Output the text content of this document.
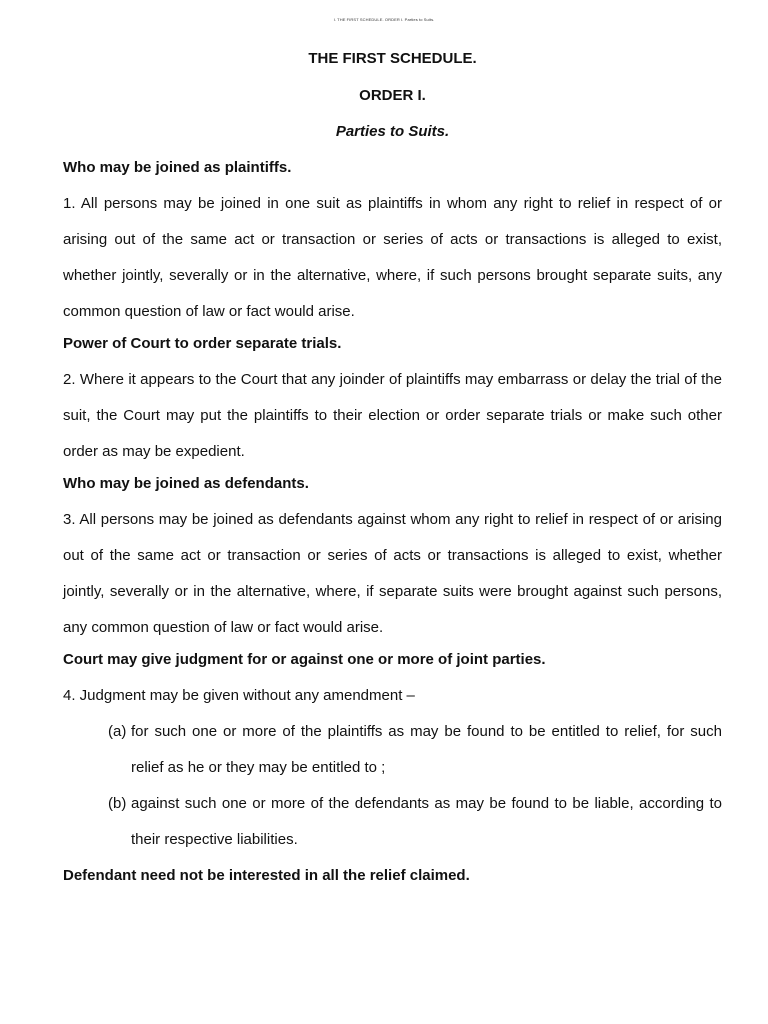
I. THE FIRST SCHEDULE. ORDER I. Parties to Suits.

THE FIRST SCHEDULE.

ORDER I.

Parties to Suits.

Who may be joined as plaintiffs.

1. All persons may be joined in one suit as plaintiffs in whom any right to relief in respect of or arising out of the same act or transaction or series of acts or transactions is alleged to exist, whether jointly, severally or in the alternative, where, if such persons brought separate suits, any common question of law or fact would arise.

Power of Court to order separate trials.

2. Where it appears to the Court that any joinder of plaintiffs may embarrass or delay the trial of the suit, the Court may put the plaintiffs to their election or order separate trials or make such other order as may be expedient.

Who may be joined as defendants.

3. All persons may be joined as defendants against whom any right to relief in respect of or arising out of the same act or transaction or series of acts or transactions is alleged to exist, whether jointly, severally or in the alternative, where, if separate suits were brought against such persons, any common question of law or fact would arise.

Court may give judgment for or against one or more of joint parties.

4. Judgment may be given without any amendment –

(a) for such one or more of the plaintiffs as may be found to be entitled to relief, for such relief as he or they may be entitled to ;
(b) against such one or more of the defendants as may be found to be liable, according to their respective liabilities.

Defendant need not be interested in all the relief claimed.
